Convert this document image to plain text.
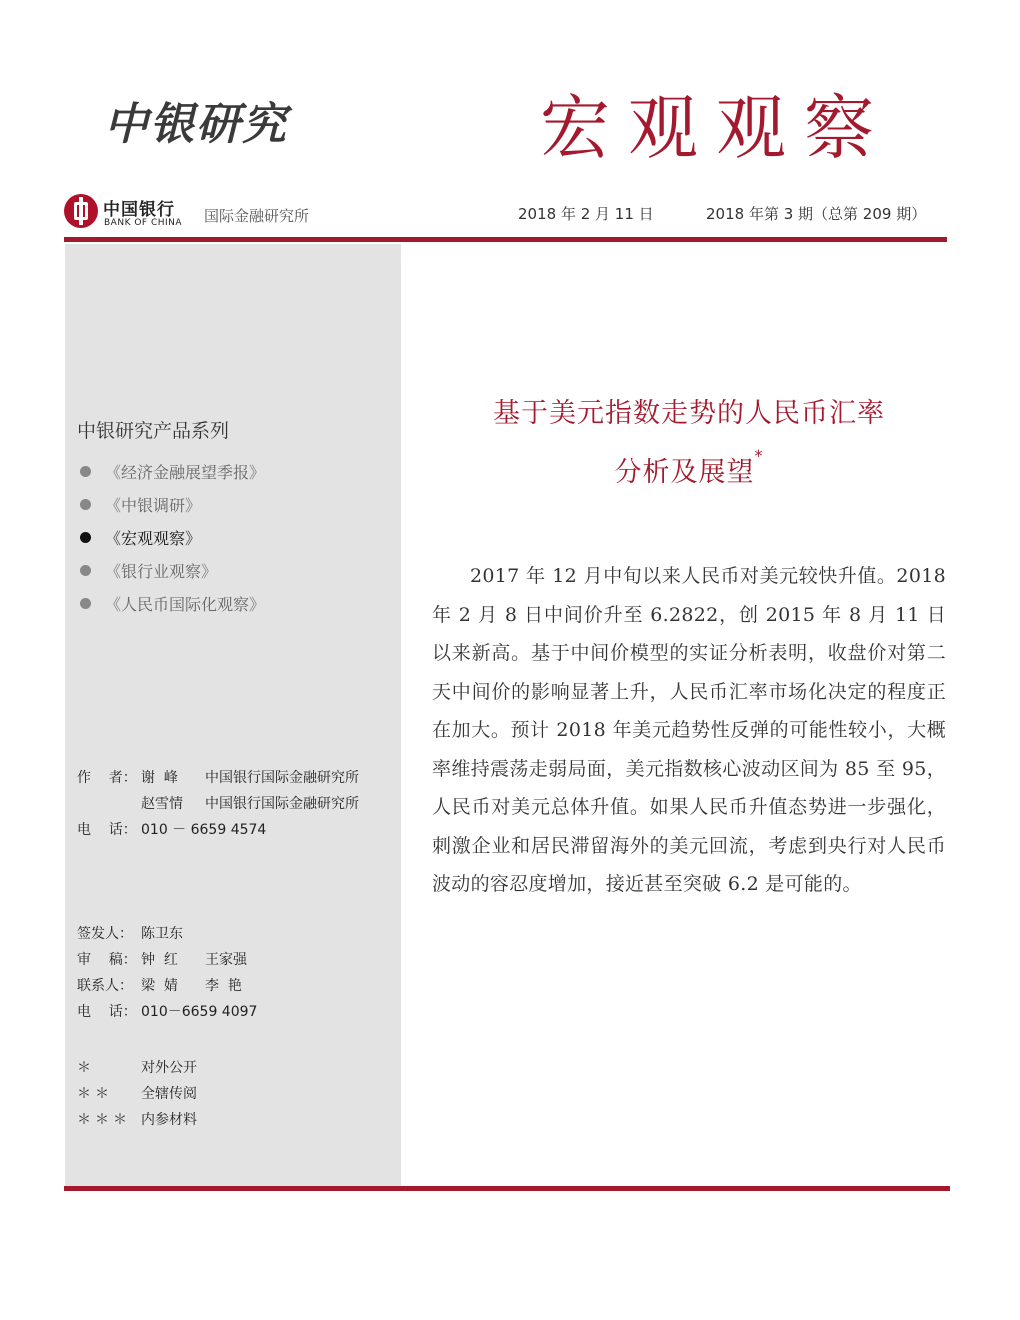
中银研究	宏观观察
中国银行
BANK OF CHINA 国际金融研究所	2018 年 2 月 11 日	2018 年第 3 期（总第 209 期）
中银研究产品系列
《经济金融展望季报》
《中银调研》
《宏观观察》
《银行业观察》
《人民币国际化观察》
作    者： 谢  峰	中国银行国际金融研究所
赵雪情	中国银行国际金融研究所
电    话： 010 － 6659 4574
签发人： 陈卫东
审    稿： 钟  红	王家强
联系人： 梁  婧	李  艳
电    话： 010－6659 4097
＊	对外公开
＊＊	全辖传阅
＊＊＊ 内参材料
基于美元指数走势的人民币汇率
分析及展望*

2017 年 12 月中旬以来人民币对美元较快升值。2018 年 2 月 8 日中间价升至 6.2822，创 2015 年 8 月 11 日以来新高。基于中间价模型的实证分析表明，收盘价对第二天中间价的影响显著上升，人民币汇率市场化决定的程度正在加大。预计 2018 年美元趋势性反弹的可能性较小，大概率维持震荡走弱局面，美元指数核心波动区间为 85 至 95，人民币对美元总体升值。如果人民币升值态势进一步强化，刺激企业和居民滞留海外的美元回流，考虑到央行对人民币波动的容忍度增加，接近甚至突破 6.2 是可能的。
